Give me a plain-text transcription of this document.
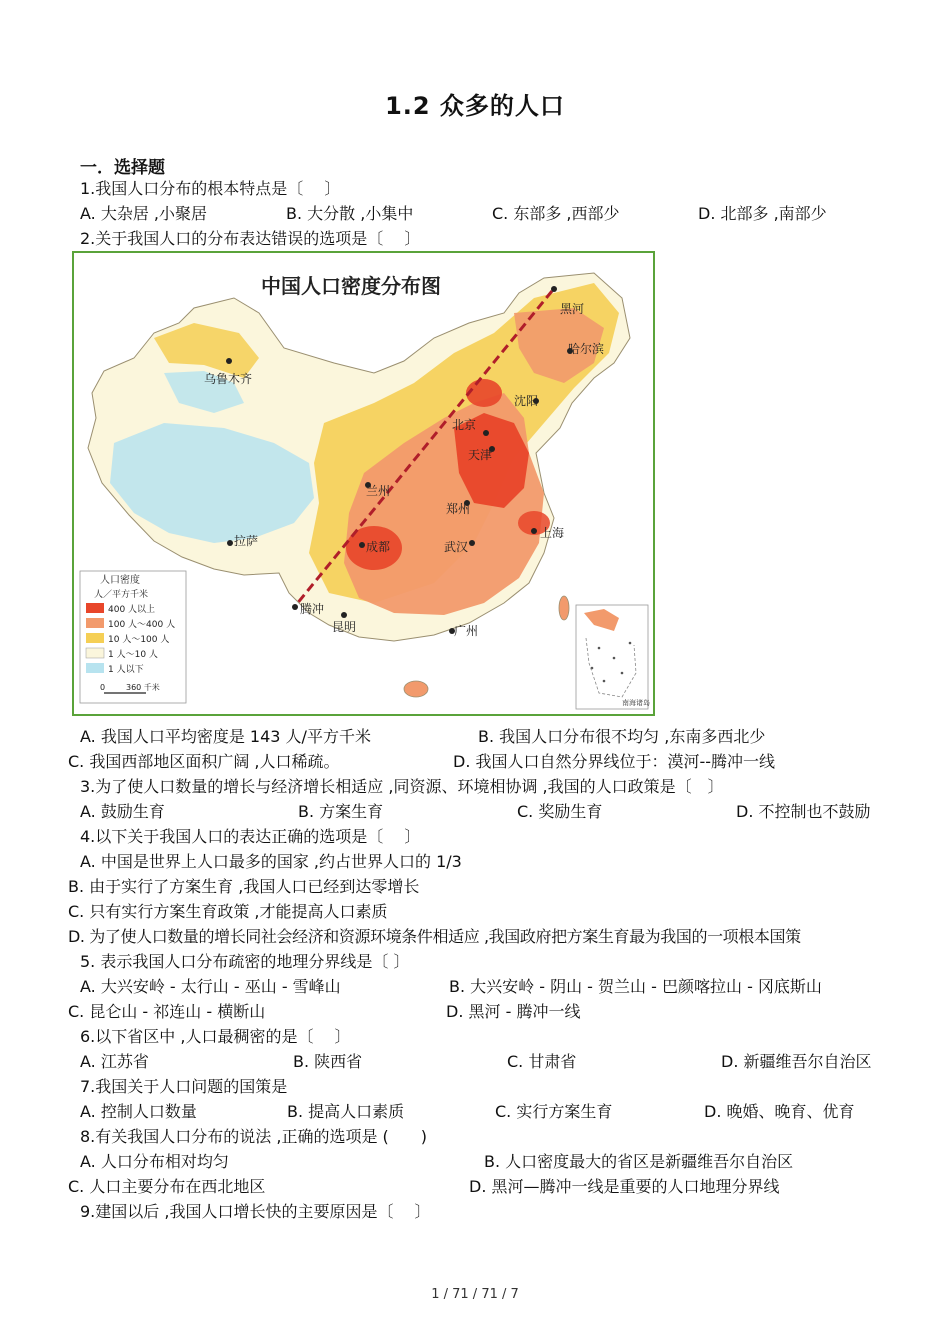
1.2 众多的人口
一．选择题
1.我国人口分布的根本特点是〔　 〕
A. 大杂居 ,小聚居	B. 大分散 ,小集中	C. 东部多 ,西部少	D. 北部多 ,南部少
2.关于我国人口的分布表达错误的选项是〔　 〕
中国人口密度分布图
黑河
哈尔滨
乌鲁木齐
沈阳
北京
天津
兰州
郑州
上海
拉萨	成都	武汉
腾冲
昆明	广州
人口密度
人／平方千米
400 人以上
100 人～400 人
10 人～100 人
1 人～10 人
1 人以下
0	360 千米
南海诸岛
A. 我国人口平均密度是 143 人/平方千米	B. 我国人口分布很不均匀 ,东南多西北少
C. 我国西部地区面积广阔 ,人口稀疏。	D. 我国人口自然分界线位于：漠河--腾冲一线
3.为了使人口数量的增长与经济增长相适应 ,同资源、环境相协调 ,我国的人口政策是〔　〕
A. 鼓励生育	B. 方案生育	C. 奖励生育	D. 不控制也不鼓励
4.以下关于我国人口的表达正确的选项是〔　 〕
A. 中国是世界上人口最多的国家 ,约占世界人口的 1/3
B. 由于实行了方案生育 ,我国人口已经到达零增长
C. 只有实行方案生育政策 ,才能提高人口素质
D. 为了使人口数量的增长同社会经济和资源环境条件相适应 ,我国政府把方案生育最为我国的一项根本国策
5. 表示我国人口分布疏密的地理分界线是〔 〕
A. 大兴安岭 - 太行山 - 巫山 - 雪峰山	B. 大兴安岭 - 阴山 - 贺兰山 - 巴颜喀拉山 - 冈底斯山
C. 昆仑山 - 祁连山 - 横断山	D. 黑河 - 腾冲一线
6.以下省区中 ,人口最稠密的是〔　 〕
A. 江苏省	B. 陕西省	C. 甘肃省	D. 新疆维吾尔自治区
7.我国关于人口问题的国策是
A. 控制人口数量	B. 提高人口素质	C. 实行方案生育	D. 晚婚、晚育、优育
8.有关我国人口分布的说法 ,正确的选项是 (　　)
A. 人口分布相对均匀	B. 人口密度最大的省区是新疆维吾尔自治区
C. 人口主要分布在西北地区	D. 黑河—腾冲一线是重要的人口地理分界线
9.建国以后 ,我国人口增长快的主要原因是〔　 〕
1 / 71 / 71 / 7
